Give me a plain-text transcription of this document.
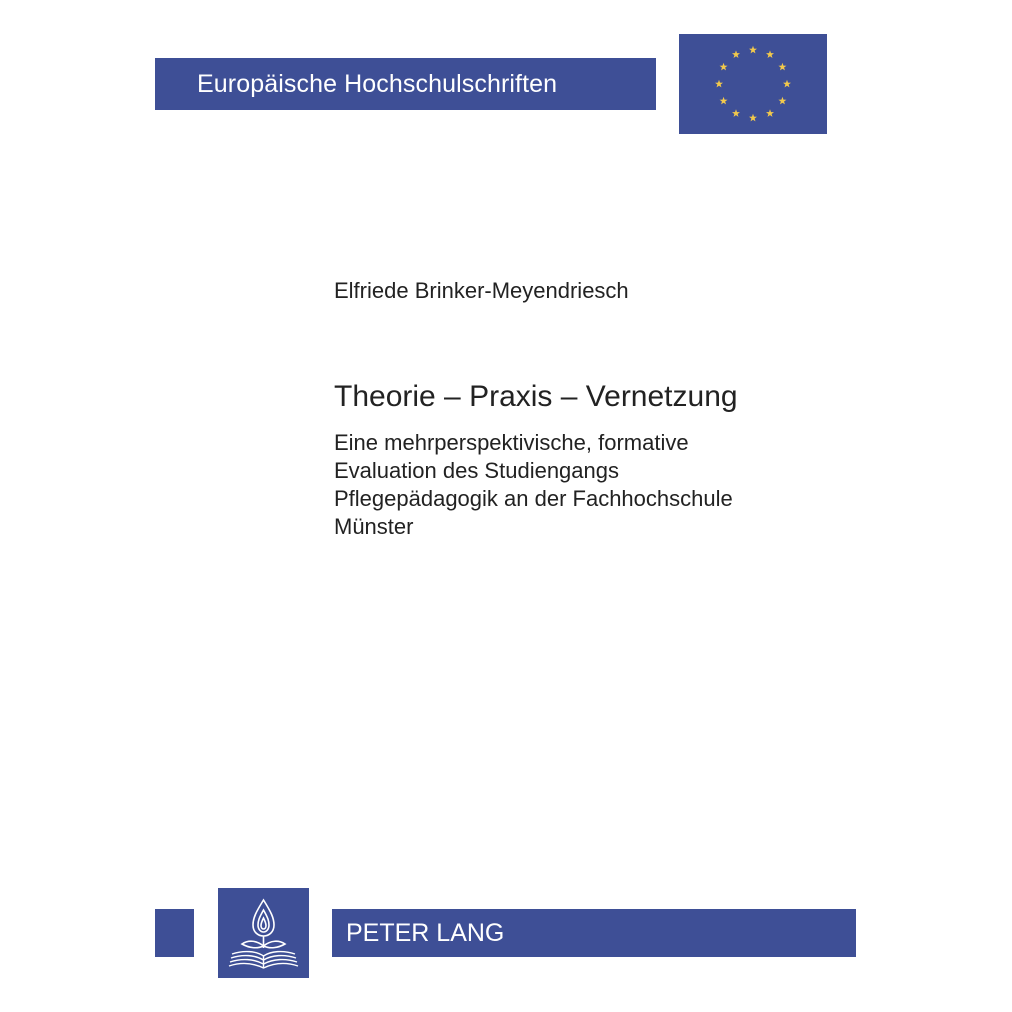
Europäische Hochschulschriften
Elfriede Brinker-Meyendriesch
Theorie – Praxis – Vernetzung
Eine mehrperspektivische, formative
Evaluation des Studiengangs
Pflegepädagogik an der Fachhochschule
Münster
PETER LANG
